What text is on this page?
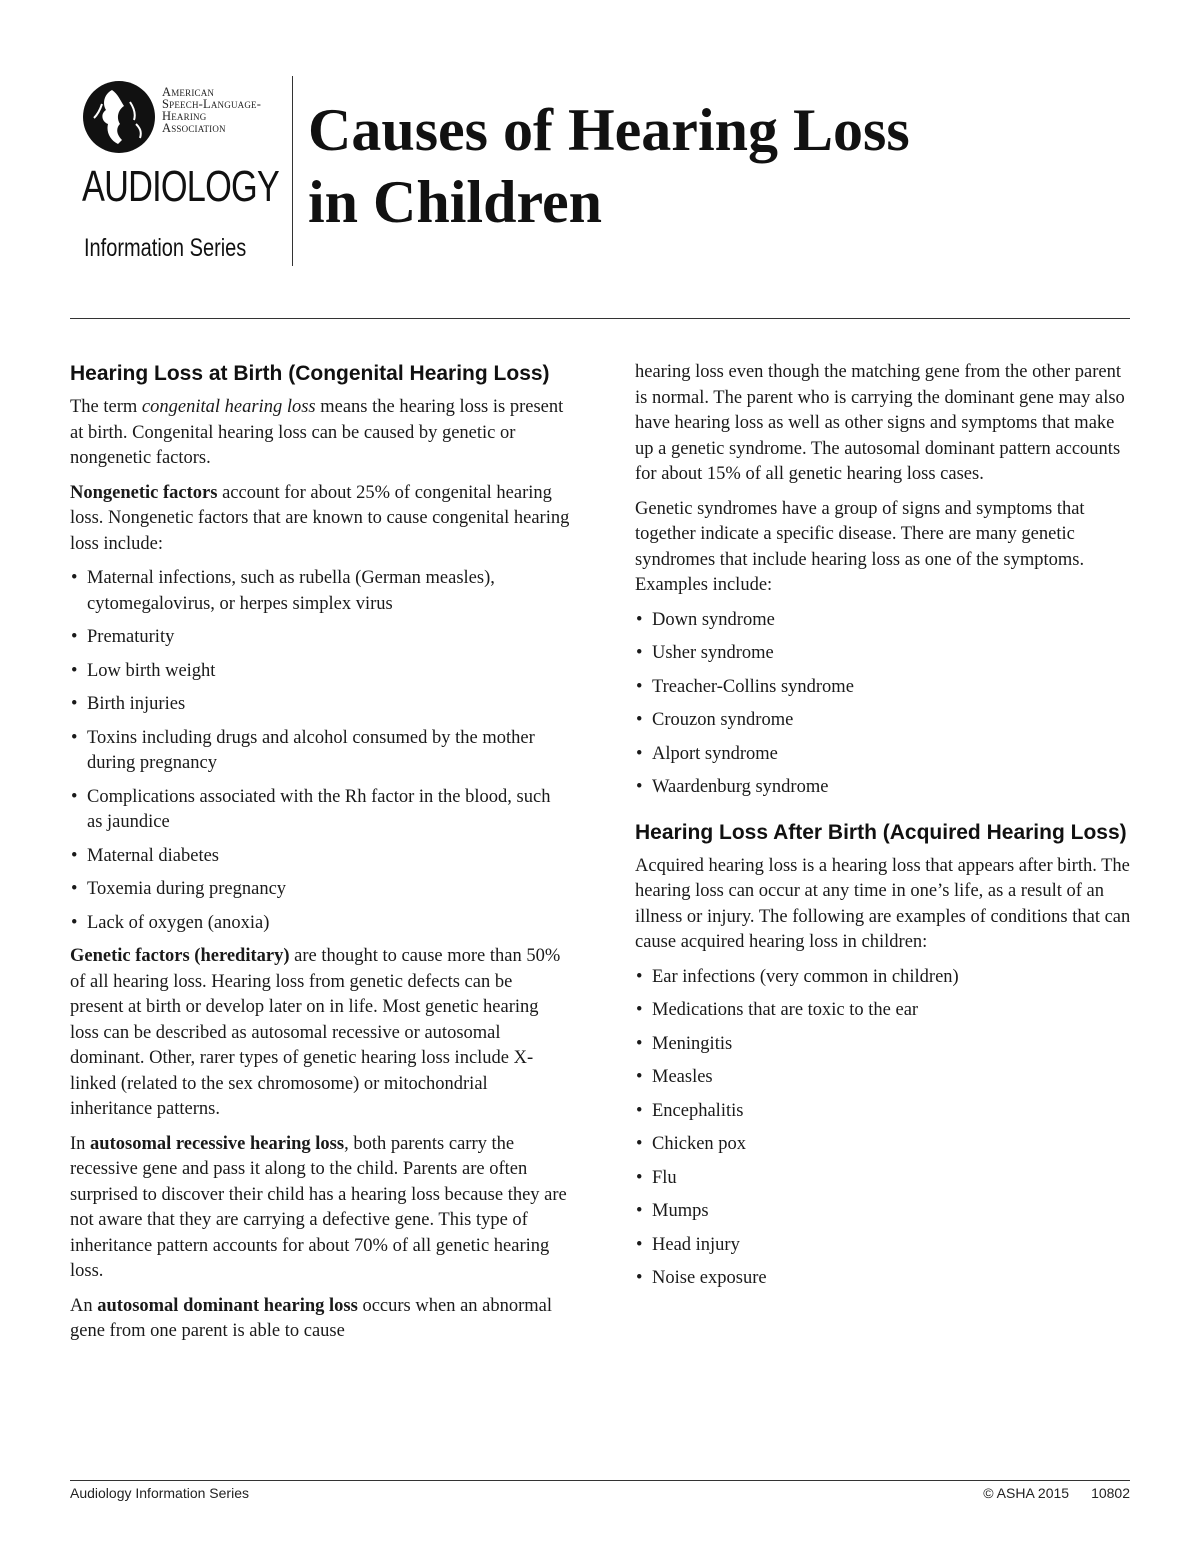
American
Speech-Language-
Hearing
Association
AUDIOLOGY
Information Series
Causes of Hearing Loss
in Children
Hearing Loss at Birth (Congenital Hearing Loss)

The term congenital hearing loss means the hearing loss is present at birth. Congenital hearing loss can be caused by genetic or nongenetic factors.

Nongenetic factors account for about 25% of congenital hearing loss. Nongenetic factors that are known to cause congenital hearing loss include:

• Maternal infections, such as rubella (German measles), cytomegalovirus, or herpes simplex virus
• Prematurity
• Low birth weight
• Birth injuries
• Toxins including drugs and alcohol consumed by the mother during pregnancy
• Complications associated with the Rh factor in the blood, such as jaundice
• Maternal diabetes
• Toxemia during pregnancy
• Lack of oxygen (anoxia)

Genetic factors (hereditary) are thought to cause more than 50% of all hearing loss. Hearing loss from genetic defects can be present at birth or develop later on in life. Most genetic hearing loss can be described as autosomal recessive or autosomal dominant. Other, rarer types of genetic hearing loss include X-linked (related to the sex chromosome) or mitochondrial inheritance patterns.

In autosomal recessive hearing loss, both parents carry the recessive gene and pass it along to the child. Parents are often surprised to discover their child has a hearing loss because they are not aware that they are carrying a defective gene. This type of inheritance pattern accounts for about 70% of all genetic hearing loss.

An autosomal dominant hearing loss occurs when an abnormal gene from one parent is able to cause

hearing loss even though the matching gene from the other parent is normal. The parent who is carrying the dominant gene may also have hearing loss as well as other signs and symptoms that make up a genetic syndrome. The autosomal dominant pattern accounts for about 15% of all genetic hearing loss cases.

Genetic syndromes have a group of signs and symptoms that together indicate a specific disease. There are many genetic syndromes that include hearing loss as one of the symptoms. Examples include:

• Down syndrome
• Usher syndrome
• Treacher-Collins syndrome
• Crouzon syndrome
• Alport syndrome
• Waardenburg syndrome
Hearing Loss After Birth (Acquired Hearing Loss)

Acquired hearing loss is a hearing loss that appears after birth. The hearing loss can occur at any time in one’s life, as a result of an illness or injury. The following are examples of conditions that can cause acquired hearing loss in children:

• Ear infections (very common in children)
• Medications that are toxic to the ear
• Meningitis
• Measles
• Encephalitis
• Chicken pox
• Flu
• Mumps
• Head injury
• Noise exposure
Audiology Information Series	© ASHA 2015 10802
